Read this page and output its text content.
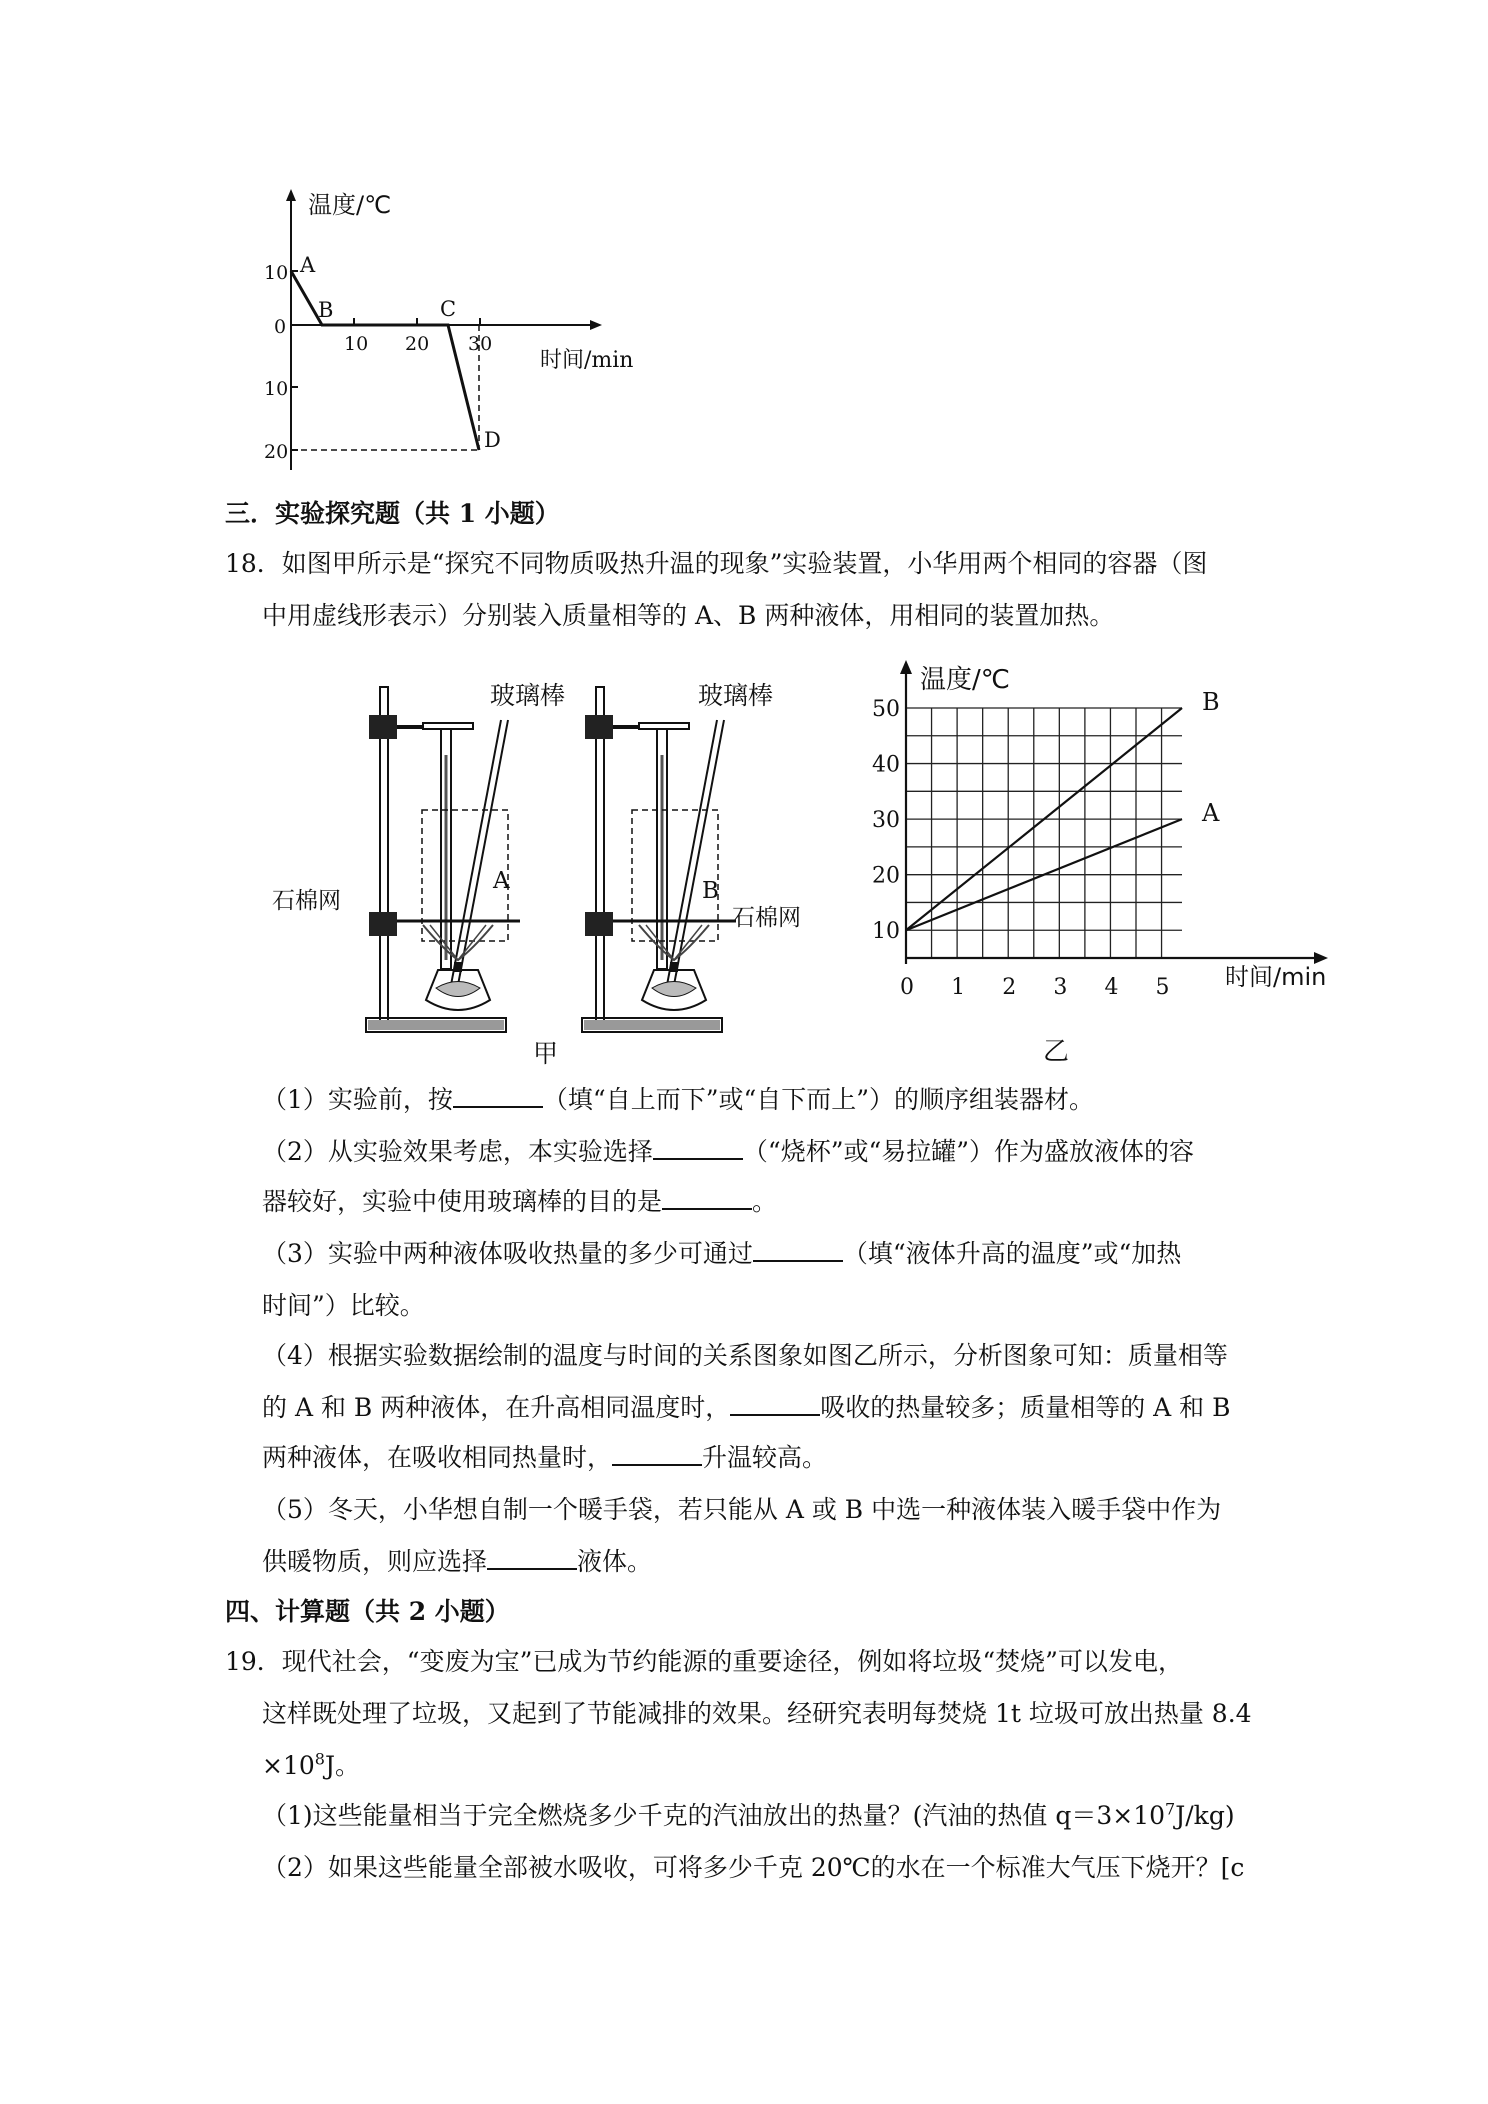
温度/℃
时间/min
10
0
10
20
10 20 30
A
B	C
D
三．实验探究题（共 1 小题）
18．如图甲所示是“探究不同物质吸热升温的现象”实验装置，小华用两个相同的容器（图
中用虚线形表示）分别装入质量相等的 A、B 两种液体，用相同的装置加热。
玻璃棒	玻璃棒
石棉网
石棉网
A	B
甲
B
A
0 1 2 3 4 5
10
20
30
40
50
温度/℃
时间/min
乙
（1）实验前，按	（填“自上而下”或“自下而上”）的顺序组装器材。
（2）从实验效果考虑，本实验选择	（“烧杯”或“易拉罐”）作为盛放液体的容
器较好，实验中使用玻璃棒的目的是	。
（3）实验中两种液体吸收热量的多少可通过	（填“液体升高的温度”或“加热
时间”）比较。
（4）根据实验数据绘制的温度与时间的关系图象如图乙所示，分析图象可知：质量相等
的 A 和 B 两种液体，在升高相同温度时，	吸收的热量较多；质量相等的 A 和 B
两种液体，在吸收相同热量时，	升温较高。
（5）冬天，小华想自制一个暖手袋，若只能从 A 或 B 中选一种液体装入暖手袋中作为
供暖物质，则应选择	液体。
四、计算题（共 2 小题）
19．现代社会，“变废为宝”已成为节约能源的重要途径，例如将垃圾“焚烧”可以发电，
这样既处理了垃圾，又起到了节能减排的效果。经研究表明每焚烧 1t 垃圾可放出热量 8.4
$\times 10^8J$。
（1)这些能量相当于完全燃烧多少千克的汽油放出的热量？(汽油的热值 $q=3\times 10^7J/kg$)
（2）如果这些能量全部被水吸收，可将多少千克 20℃的水在一个标准大气压下烧开？[c
